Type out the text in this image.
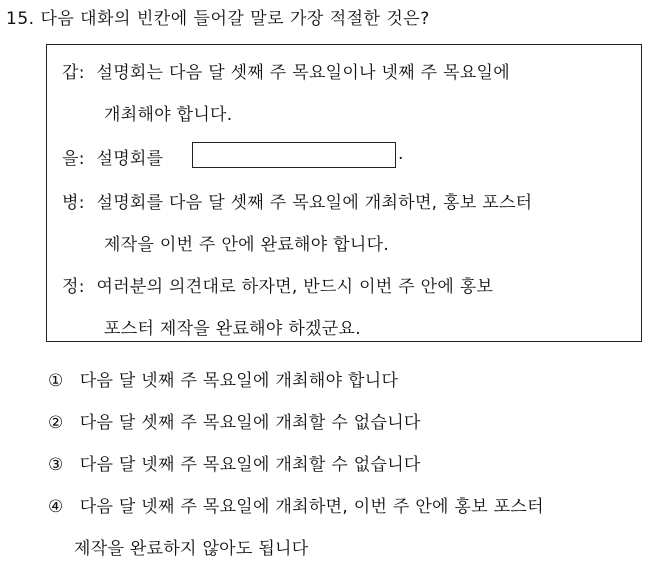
15. 다음 대화의 빈칸에 들어갈 말로 가장 적절한 것은?
갑: 설명회는 다음 달 셋째 주 목요일이나 넷째 주 목요일에
개최해야 합니다.
을: 설명회를	.
병: 설명회를 다음 달 셋째 주 목요일에 개최하면, 홍보 포스터
제작을 이번 주 안에 완료해야 합니다.
정: 여러분의 의견대로 하자면, 반드시 이번 주 안에 홍보
포스터 제작을 완료해야 하겠군요.
① 다음 달 넷째 주 목요일에 개최해야 합니다
② 다음 달 셋째 주 목요일에 개최할 수 없습니다
③ 다음 달 넷째 주 목요일에 개최할 수 없습니다
④ 다음 달 넷째 주 목요일에 개최하면, 이번 주 안에 홍보 포스터
제작을 완료하지 않아도 됩니다
